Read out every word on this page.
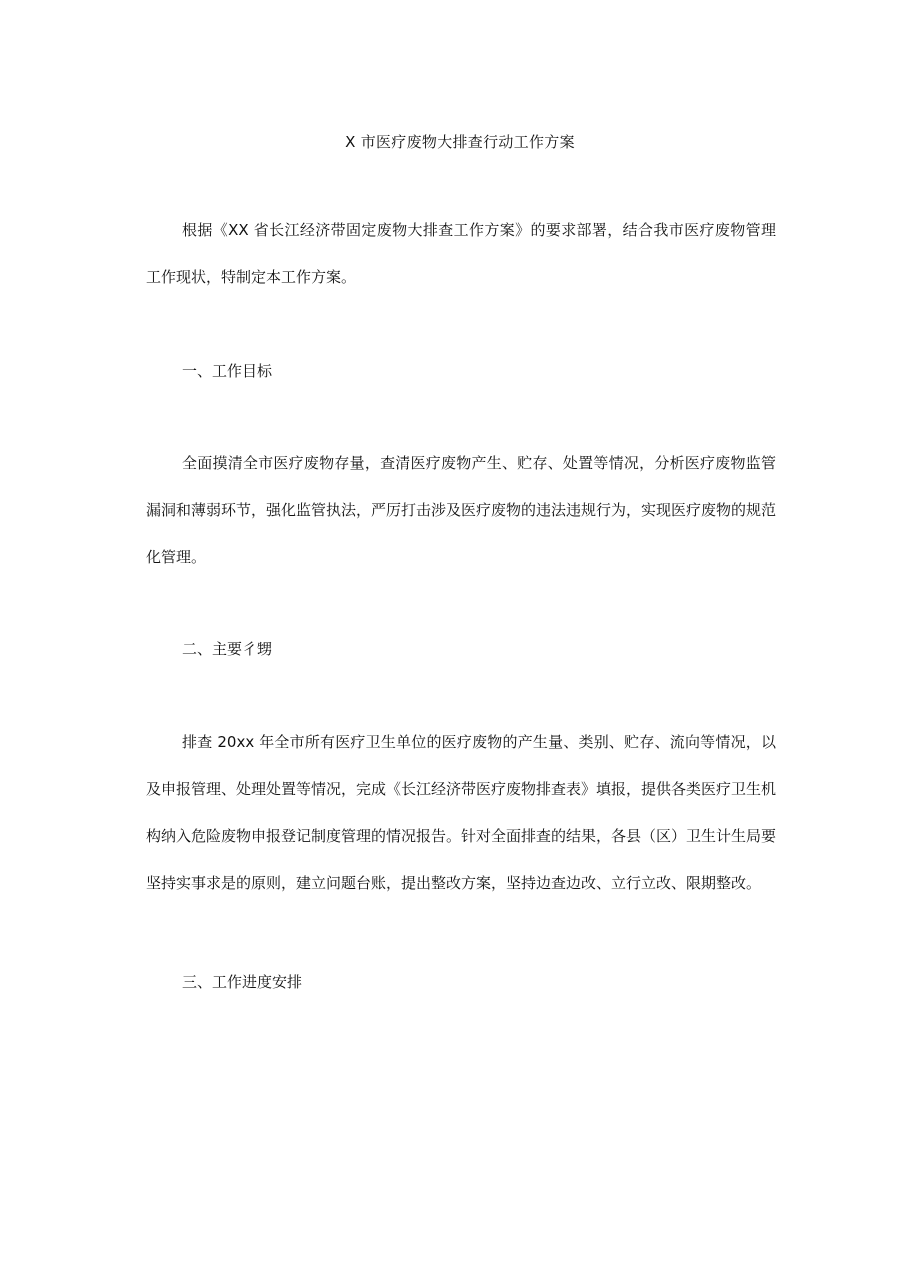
X 市医疗废物大排查行动工作方案

根据《XX 省长江经济带固定废物大排查工作方案》的要求部署，结合我市医疗废物管理工作现状，特制定本工作方案。

一、工作目标

全面摸清全市医疗废物存量，查清医疗废物产生、贮存、处置等情况，分析医疗废物监管漏洞和薄弱环节，强化监管执法，严厉打击涉及医疗废物的违法违规行为，实现医疗废物的规范化管理。

二、主要彳甥

排查 20xx 年全市所有医疗卫生单位的医疗废物的产生量、类别、贮存、流向等情况，以及申报管理、处理处置等情况，完成《长江经济带医疗废物排查表》填报，提供各类医疗卫生机构纳入危险废物申报登记制度管理的情况报告。针对全面排查的结果，各县（区）卫生计生局要坚持实事求是的原则，建立问题台账，提出整改方案，坚持边查边改、立行立改、限期整改。

三、工作进度安排
